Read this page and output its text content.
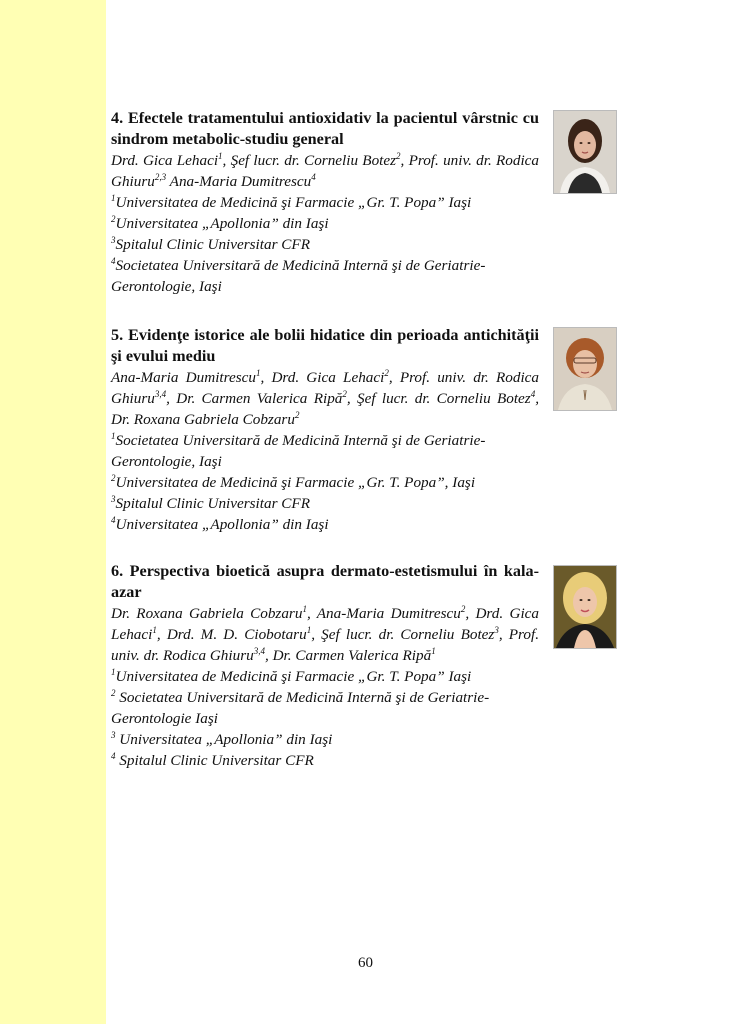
4. Efectele tratamentului antioxidativ la pacientul vârstnic cu sindrom metabolic-studiu general

Drd. Gica Lehaci$^1$, Şef lucr. dr. Corneliu Botez$^2$, Prof. univ. dr. Rodica Ghiuru$^{2,3}$ Ana-Maria Dumitrescu$^4$

$^1$Universitatea de Medicină şi Farmacie „Gr. T. Popa” Iaşi

$^2$Universitatea „Apollonia” din Iaşi

$^3$Spitalul Clinic Universitar CFR

$^4$Societatea Universitară de Medicină Internă şi de Geriatrie-Gerontologie, Iaşi

5. Evidenţe istorice ale bolii hidatice din perioada antichităţii şi evului mediu

Ana-Maria Dumitrescu$^1$, Drd. Gica Lehaci$^2$, Prof. univ. dr. Rodica Ghiuru$^{3,4}$, Dr. Carmen Valerica Ripă$^2$, Şef lucr. dr. Corneliu Botez$^4$, Dr. Roxana Gabriela Cobzaru$^2$

$^1$Societatea Universitară de Medicină Internă şi de Geriatrie-Gerontologie, Iaşi

$^2$Universitatea de Medicină şi Farmacie „Gr. T. Popa”, Iaşi

$^3$Spitalul Clinic Universitar CFR

$^4$Universitatea „Apollonia” din Iaşi

6. Perspectiva bioetică asupra dermato-estetismului în kala-azar

Dr. Roxana Gabriela Cobzaru$^1$, Ana-Maria Dumitrescu$^2$, Drd. Gica Lehaci$^1$, Drd. M. D. Ciobotaru$^1$, Şef lucr. dr. Corneliu Botez$^3$, Prof. univ. dr. Rodica Ghiuru$^{3,4}$, Dr. Carmen Valerica Ripă$^1$

$^1$Universitatea de Medicină şi Farmacie „Gr. T. Popa” Iaşi

$^2$ Societatea Universitară de Medicină Internă şi de Geriatrie-Gerontologie Iaşi

$^3$ Universitatea „Apollonia” din Iaşi

$^4$ Spitalul Clinic Universitar CFR

60
